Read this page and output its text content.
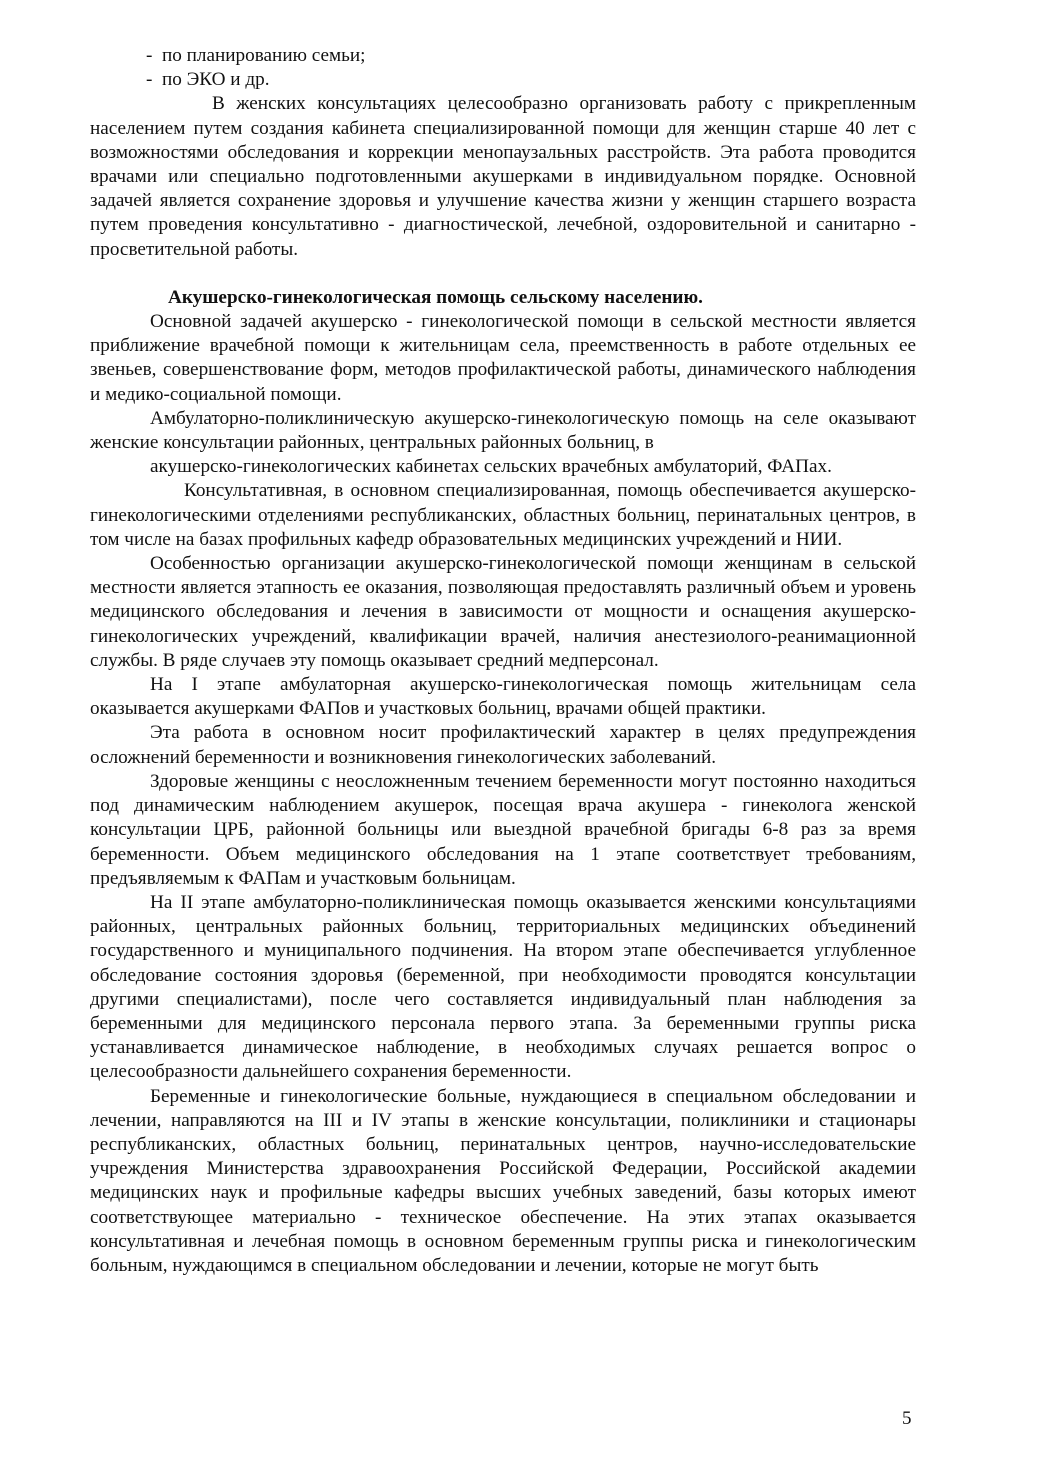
-  по планированию семьи;
-  по ЭКО и др.

В женских консультациях целесообразно организовать работу с прикрепленным населением путем создания кабинета специализированной помощи для женщин старше 40 лет с возможностями обследования и коррекции менопаузальных расстройств. Эта работа проводится врачами или специально подготовленными акушерками в индивидуальном порядке. Основной задачей является сохранение здоровья и улучшение качества жизни у женщин старшего возраста путем проведения консультативно - диагностической, лечебной, оздоровительной и санитарно - просветительной работы.

Акушерско-гинекологическая помощь сельскому населению.

Основной задачей акушерско - гинекологической помощи в сельской местности является приближение врачебной помощи к жительницам села, преемственность в работе отдельных ее звеньев, совершенствование форм, методов профилактической работы, динамического наблюдения и медико-социальной помощи.

Амбулаторно-поликлиническую акушерско-гинекологическую помощь на селе оказывают женские консультации районных, центральных районных больниц, в

акушерско-гинекологических кабинетах сельских врачебных амбулаторий, ФАПах.

Консультативная, в основном специализированная, помощь обеспечивается акушерско-гинекологическими отделениями республиканских, областных больниц, перинатальных центров, в том числе на базах профильных кафедр образовательных медицинских учреждений и НИИ.

Особенностью организации акушерско-гинекологической помощи женщинам в сельской местности является этапность ее оказания, позволяющая предоставлять различный объем и уровень медицинского обследования и лечения в зависимости от мощности и оснащения акушерско-гинекологических учреждений, квалификации врачей, наличия анестезиолого-реанимационной службы. В ряде случаев эту помощь оказывает средний медперсонал.

На I этапе амбулаторная акушерско-гинекологическая помощь жительницам села оказывается акушерками ФАПов и участковых больниц, врачами общей практики.

Эта работа в основном носит профилактический характер в целях предупреждения осложнений беременности и возникновения гинекологических заболеваний.

Здоровые женщины с неосложненным течением беременности могут постоянно находиться под динамическим наблюдением акушерок, посещая врача акушера - гинеколога женской консультации ЦРБ, районной больницы или выездной врачебной бригады 6-8 раз за время беременности. Объем медицинского обследования на 1 этапе соответствует требованиям, предъявляемым к ФАПам и участковым больницам.

На II этапе амбулаторно-поликлиническая помощь оказывается женскими консультациями районных, центральных районных больниц, территориальных медицинских объединений государственного и муниципального подчинения. На втором этапе обеспечивается углубленное обследование состояния здоровья (беременной, при необходимости проводятся консультации другими специалистами), после чего составляется индивидуальный план наблюдения за беременными для медицинского персонала первого этапа. За беременными группы риска устанавливается динамическое наблюдение, в необходимых случаях решается вопрос о целесообразности дальнейшего сохранения беременности.

Беременные и гинекологические больные, нуждающиеся в специальном обследовании и лечении, направляются на III и IV этапы в женские консультации, поликлиники и стационары республиканских, областных больниц, перинатальных центров, научно-исследовательские учреждения Министерства здравоохранения Российской Федерации, Российской академии медицинских наук и профильные кафедры высших учебных заведений, базы которых имеют соответствующее материально - техническое обеспечение. На этих этапах оказывается консультативная и лечебная помощь в основном беременным группы риска и гинекологическим больным, нуждающимся в специальном обследовании и лечении, которые не могут быть

5
